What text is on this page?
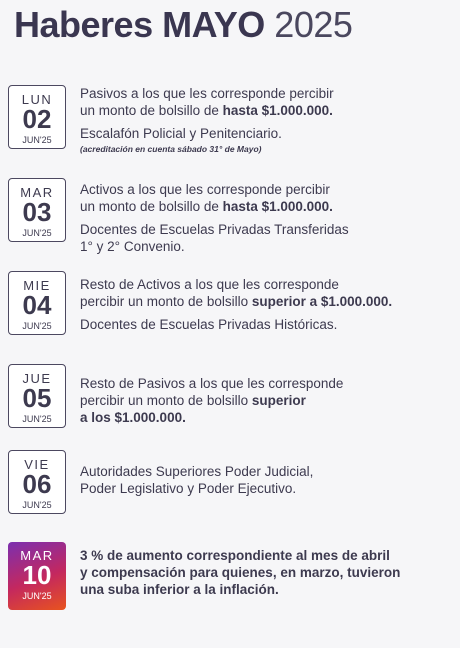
Haberes MAYO 2025
LUN
02
JUN'25

Pasivos a los que les corresponde percibir

un monto de bolsillo de hasta $1.000.000.

Escalafón Policial y Penitenciario.

(acreditación en cuenta sábado 31° de Mayo)

MAR
03
JUN'25

Activos a los que les corresponde percibir

un monto de bolsillo de hasta $1.000.000.

Docentes de Escuelas Privadas Transferidas

1° y 2° Convenio.

MIE
04
JUN'25

Resto de Activos a los que les corresponde

percibir un monto de bolsillo superior a $1.000.000.

Docentes de Escuelas Privadas Históricas.

JUE
05
JUN'25

Resto de Pasivos a los que les corresponde

percibir un monto de bolsillo superior

a los $1.000.000.

VIE
06
JUN'25

Autoridades Superiores Poder Judicial,

Poder Legislativo y Poder Ejecutivo.

MAR
10
JUN'25

3 % de aumento correspondiente al mes de abril

y compensación para quienes, en marzo, tuvieron

una suba inferior a la inflación.
